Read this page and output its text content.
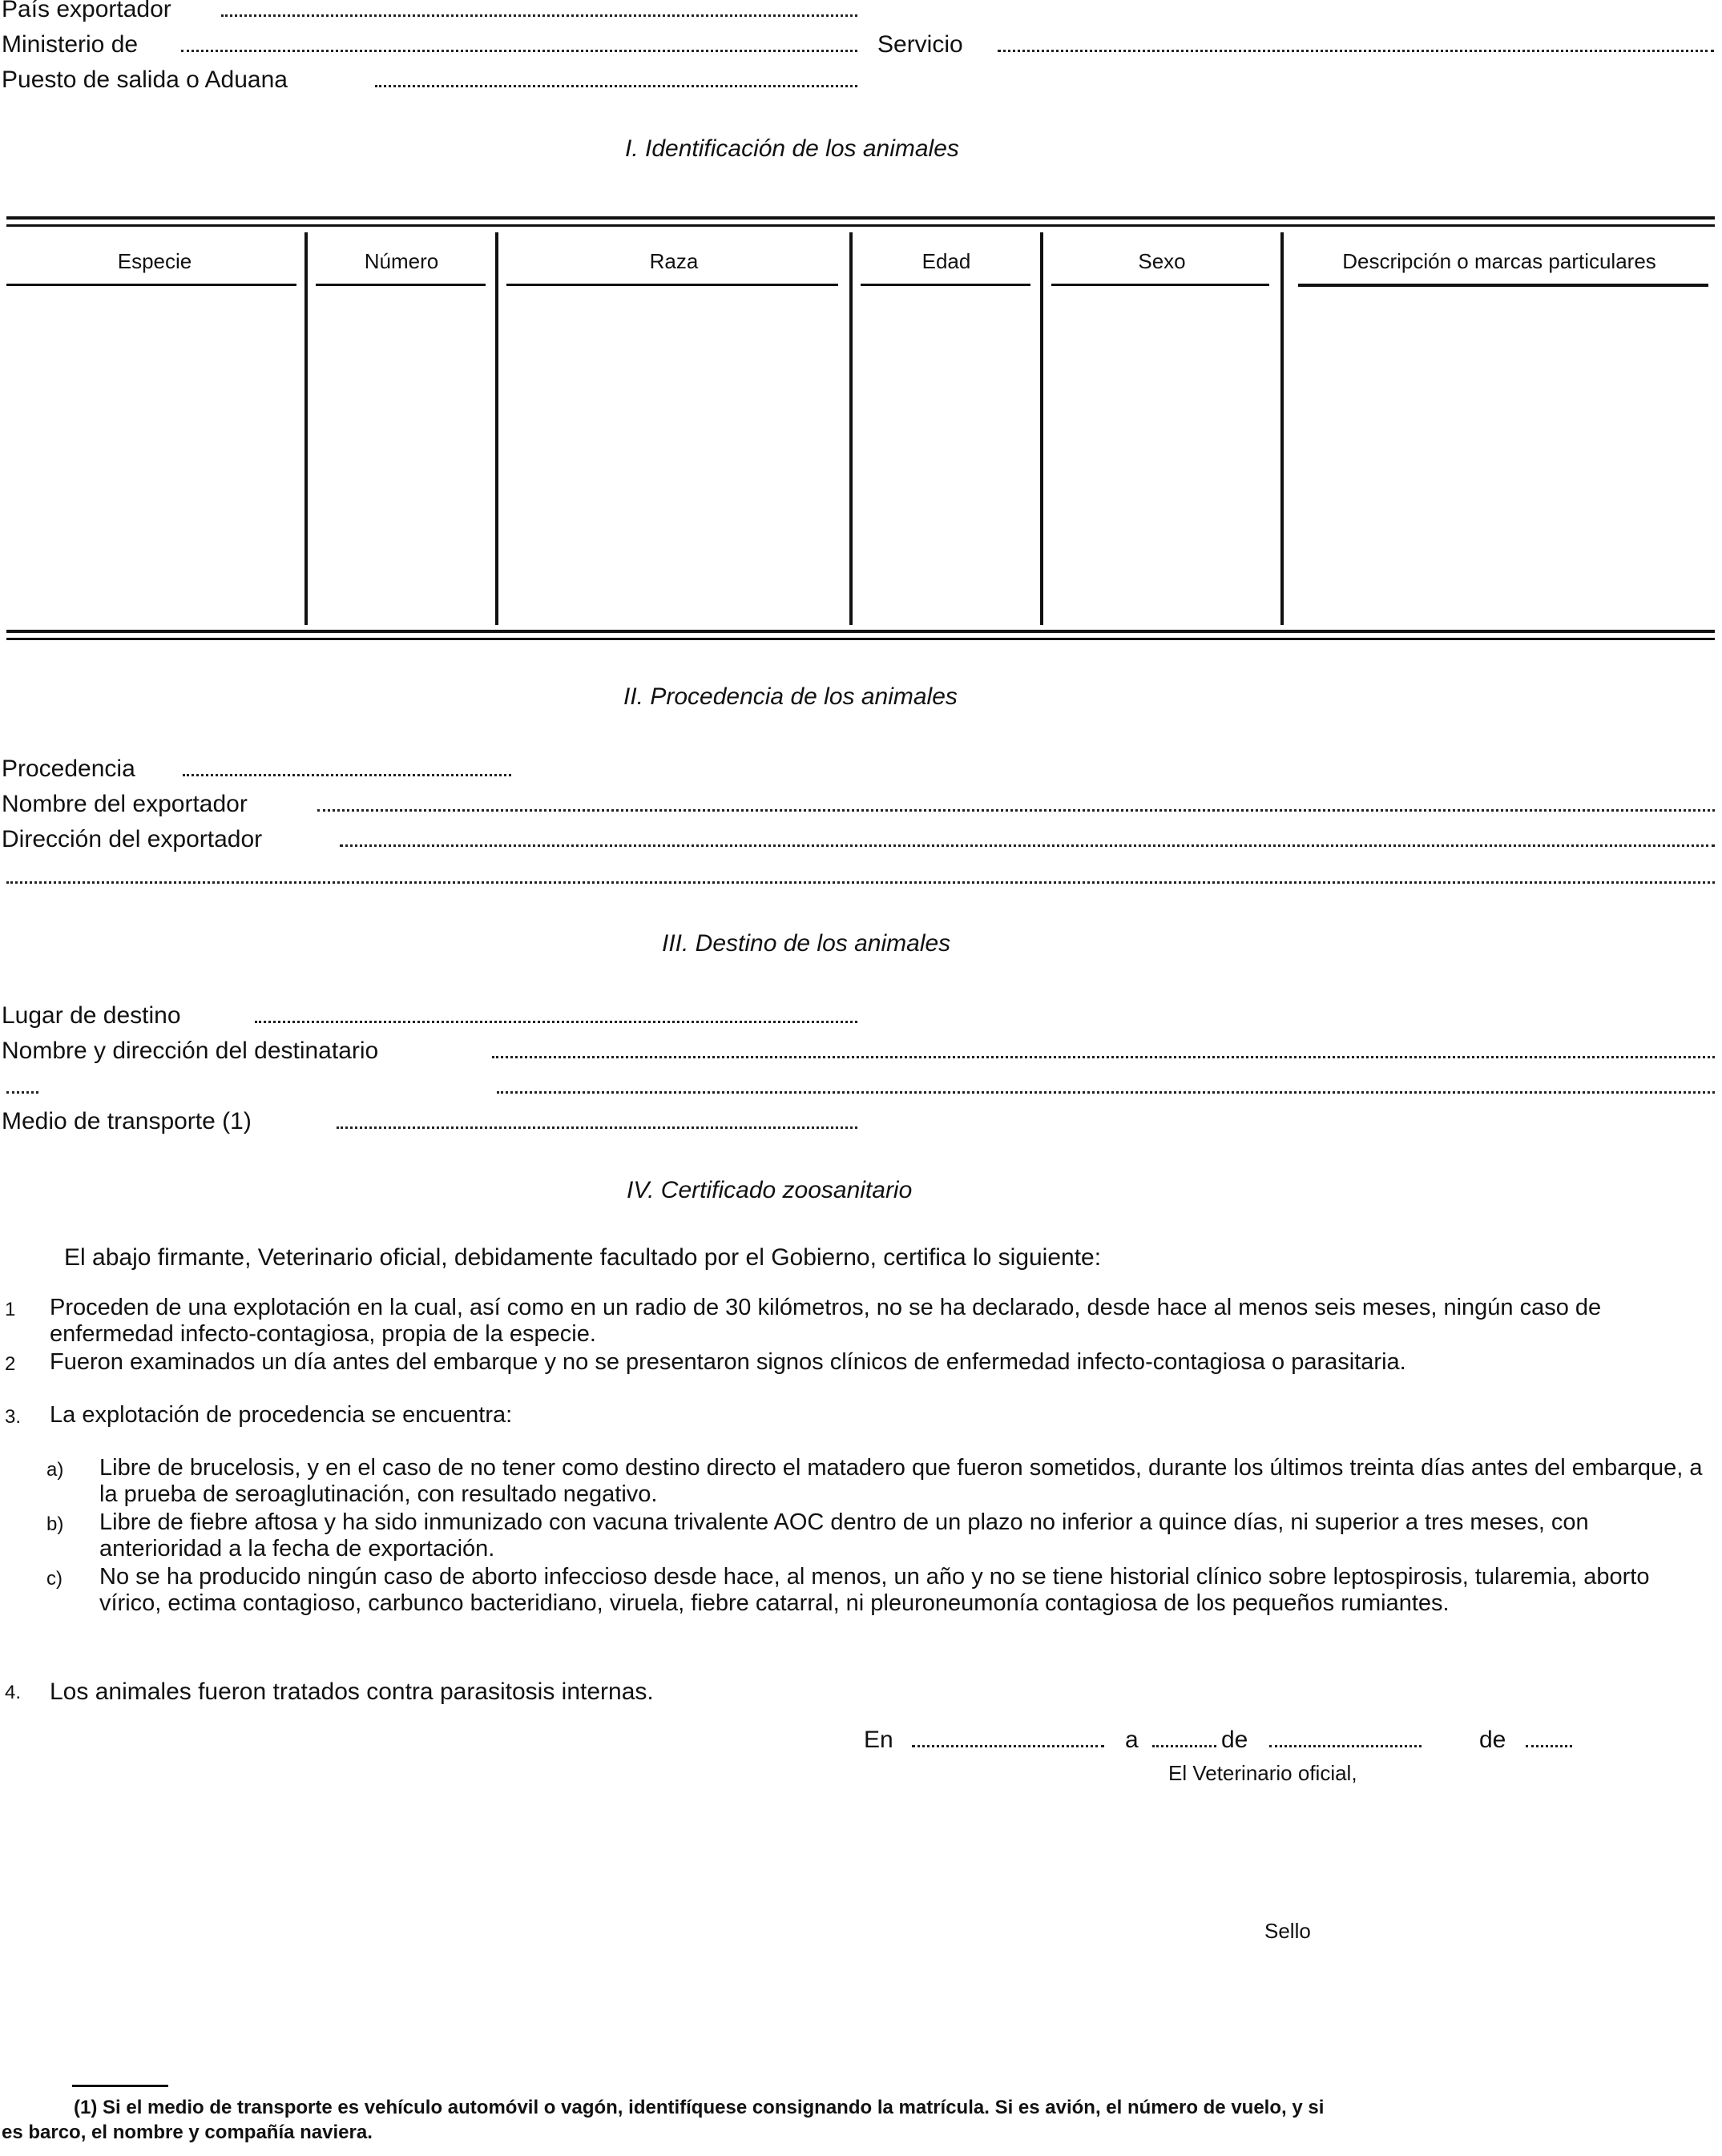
País exportador
Ministerio de	Servicio
Puesto de salida o Aduana
I. Identificación de los animales
Especie	Número	Raza	Edad	Sexo	Descripción o marcas particulares
II. Procedencia de los animales
Procedencia
Nombre del exportador
Dirección del exportador
III. Destino de los animales
Lugar de destino
Nombre y dirección del destinatario
Medio de transporte (1)
IV. Certificado zoosanitario
El abajo firmante, Veterinario oficial, debidamente facultado por el Gobierno, certifica lo siguiente:
1 Proceden de una explotación en la cual, así como en un radio de 30 kilómetros, no se ha declarado, desde hace al menos seis meses, ningún caso de enfermedad infecto-contagiosa, propia de la especie.
2 Fueron examinados un día antes del embarque y no se presentaron signos clínicos de enfermedad infecto-contagiosa o parasitaria.
3. La explotación de procedencia se encuentra:
a) Libre de brucelosis, y en el caso de no tener como destino directo el matadero que fueron sometidos, durante los últimos treinta días antes del embarque, a la prueba de seroaglutinación, con resultado negativo.
b) Libre de fiebre aftosa y ha sido inmunizado con vacuna trivalente AOC dentro de un plazo no inferior a quince días, ni superior a tres meses, con anterioridad a la fecha de exportación.
c) No se ha producido ningún caso de aborto infeccioso desde hace, al menos, un año y no se tiene historial clínico sobre leptospirosis, tularemia, aborto vírico, ectima contagioso, carbunco bacteridiano, viruela, fiebre catarral, ni pleuroneumonía contagiosa de los pequeños rumiantes.
4. Los animales fueron tratados contra parasitosis internas.
En	a	de	de
El Veterinario oficial,
Sello
(1) Si el medio de transporte es vehículo automóvil o vagón, identifíquese consignando la matrícula. Si es avión, el número de vuelo, y si
es barco, el nombre y compañía naviera.
